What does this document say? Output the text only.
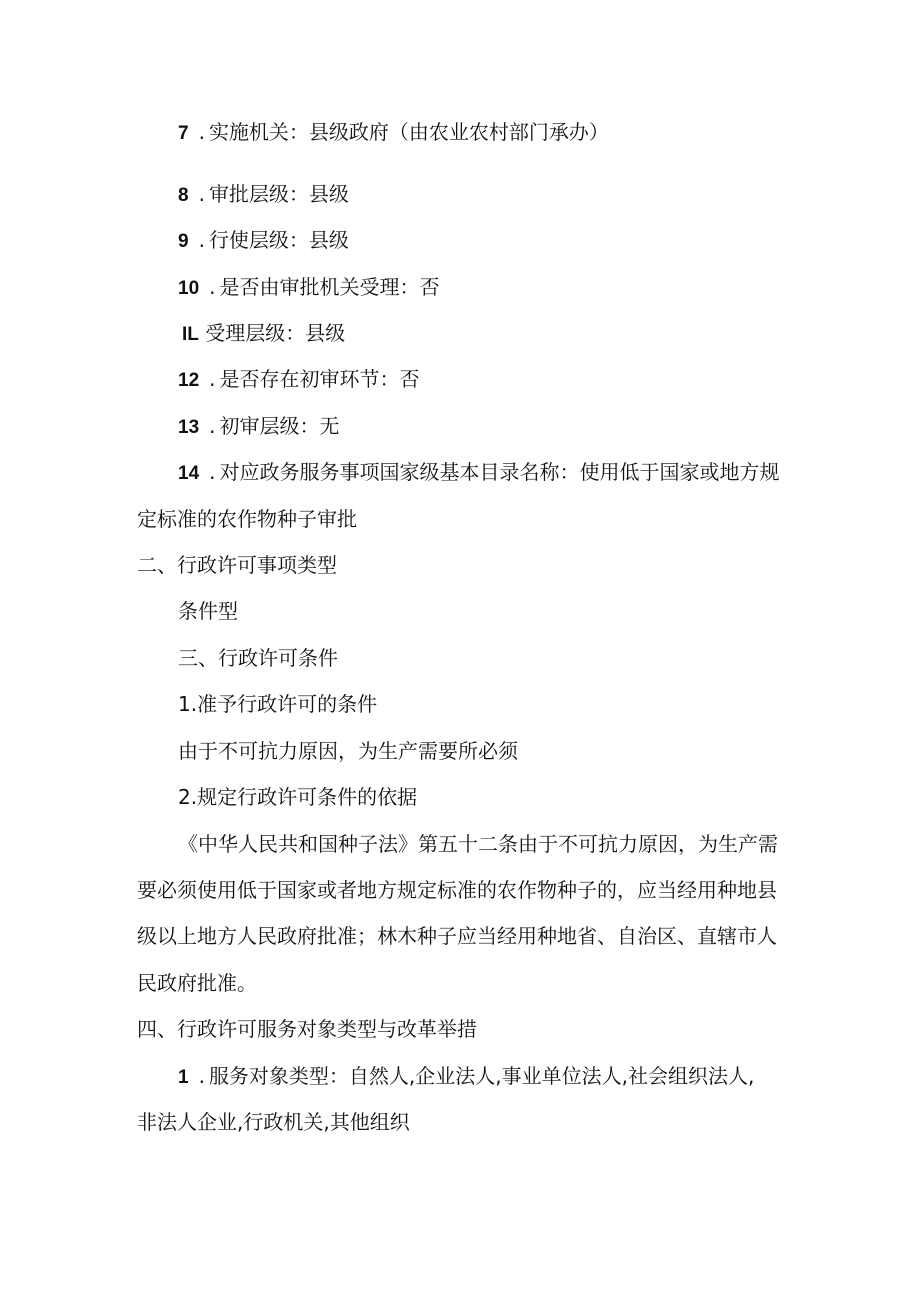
7 . 实施机关：县级政府（由农业农村部门承办）
8 . 审批层级：县级
9 . 行使层级：县级
10 . 是否由审批机关受理：否
IL 受理层级：县级
12 . 是否存在初审环节：否
13 . 初审层级：无
14 . 对应政务服务事项国家级基本目录名称：使用低于国家或地方规
定标准的农作物种子审批
二、行政许可事项类型
条件型
三、行政许可条件
1.准予行政许可的条件
由于不可抗力原因，为生产需要所必须
2.规定行政许可条件的依据
《中华人民共和国种子法》第五十二条由于不可抗力原因，为生产需
要必须使用低于国家或者地方规定标准的农作物种子的，应当经用种地县
级以上地方人民政府批准；林木种子应当经用种地省、自治区、直辖市人
民政府批准。
四、行政许可服务对象类型与改革举措
1 . 服务对象类型：自然人,企业法人,事业单位法人,社会组织法人,
非法人企业,行政机关,其他组织
